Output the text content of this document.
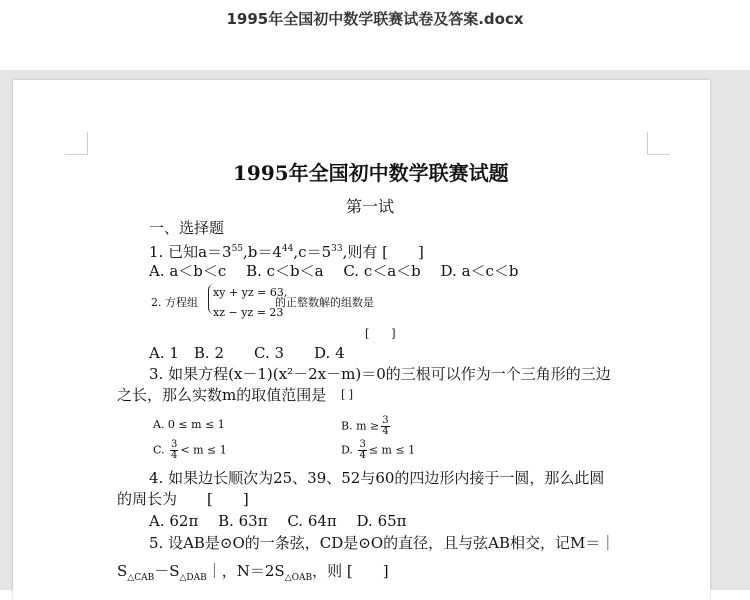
1995年全国初中数学联赛试卷及答案.docx
1995年全国初中数学联赛试题
第一试
一、选择题
1. 已知$a=3^{55},b=4^{44},c=5^{33}$,则有 [　　]
A. a＜b＜c　 B. c＜b＜a　 C. c＜a＜b　 D. a＜c＜b
2. 方程组
xy + yz = 63,
xz − yz = 23
的正整数解的组数是
[　　]
A. 1　B. 2　　C. 3　　D. 4
3. 如果方程(x－1)(x²－2x－m)＝0的三根可以作为一个三角形的三边
之长，那么实数m的取值范围是 [ ]
A. 0 ≤ m ≤ 1	B. $m \ge \frac{3}{4}$
C. $\frac{3}{4} < m \le 1$	D. $\frac{3}{4} \le m \le 1$
4. 如果边长顺次为25、39、52与60的四边形内接于一圆，那么此圆
的周长为　　[　　]
A. 62π　 B. 63π　 C. 64π　 D. 65π
5. 设AB是⊙O的一条弦，CD是⊙O的直径，且与弦AB相交，记M＝｜
$S_{\triangle CAB}-S_{\triangle DAB}|$，$N=2S_{\triangle OAB}$，则 [　　]
